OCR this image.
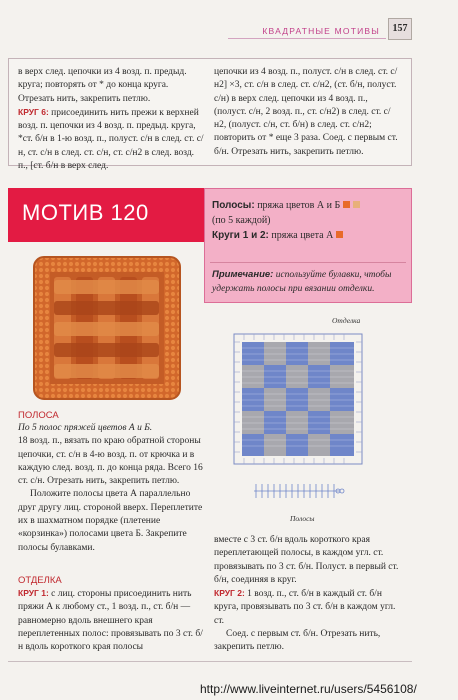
КВАДРАТНЫЕ МОТИВЫ	157

в верх след. цепочки из 4 возд. п. предыд. круга; повторять от * до конца круга. Отрезать нить, закрепить петлю.

КРУГ 6: присоединить нить прежи к верхней возд. п. цепочки из 4 возд. п. предыд. круга, *ст. б/н в 1-ю возд. п., полуст. с/н в след. ст. с/н, ст. с/н в след. ст. с/н, ст. с/н2 в след. возд. п., [ст. б/н в верх след.

цепочки из 4 возд. п., полуст. с/н в след. ст. с/н2] ×3, ст. с/н в след. ст. с/н2, (ст. б/н, полуст. с/н) в верх след. цепочки из 4 возд. п., (полуст. с/н, 2 возд. п., ст. с/н2) в след. ст. с/н2, (полуст. с/н, ст. б/н) в след. ст. с/н2; повторить от * еще 3 раза. Соед. с первым ст. б/н. Отрезать нить, закрепить петлю.

МОТИВ 120	Полосы: пряжа цветов А и Б
(по 5 каждой)
Круги 1 и 2: пряжа цвета А
Примечание: используйте булавки, чтобы удержать полосы при вязании отделки.
Отделка
Полосы
ПОЛОСА

По 5 полос пряжей цветов А и Б.

18 возд. п., вязать по краю обратной стороны цепочки, ст. с/н в 4-ю возд. п. от крючка и в каждую след. возд. п. до конца ряда. Всего 16 ст. с/н. Отрезать нить, закрепить петлю.

Положите полосы цвета А параллельно друг другу лиц. стороной вверх. Переплетите их в шахматном порядке (плетение «корзинка») полосами цвета Б. Закрепите полосы булавками.

ОТДЕЛКА

КРУГ 1: с лиц. стороны присоединить нить пряжи А к любому ст., 1 возд. п., ст. б/н — равномерно вдоль внешнего края переплетенных полос: провязывать по 3 ст. б/н вдоль короткого края полосы

вместе с 3 ст. б/н вдоль короткого края переплетающей полосы, в каждом угл. ст. провязывать по 3 ст. б/н. Полуст. в первый ст. б/н, соединяя в круг.

КРУГ 2: 1 возд. п., ст. б/н в каждый ст. б/н круга, провязывать по 3 ст. б/н в каждом угл. ст.

Соед. с первым ст. б/н. Отрезать нить, закрепить петлю.

http://www.liveinternet.ru/users/5456108/
